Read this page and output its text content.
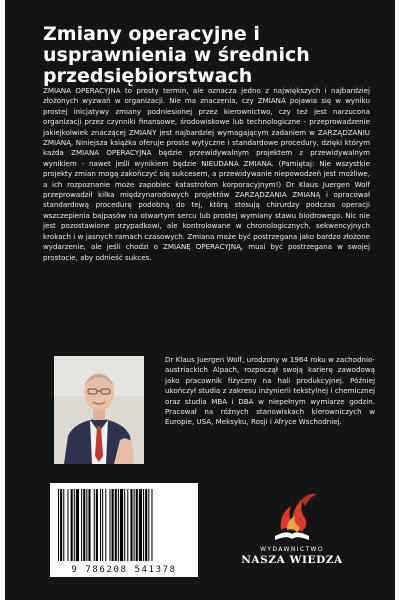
Zmiany operacyjne i
usprawnienia w średnich
przedsiębiorstwach

ZMIANA OPERACYJNA to prosty termin, ale oznacza jedno z największych i najbardziej złożonych wyzwań w organizacji. Nie ma znaczenia, czy ZMIANA pojawia się w wyniku prostej inicjatywy zmiany podniesionej przez kierownictwo, czy też jest narzucona organizacji przez czynniki finansowe, środowiskowe lub technologiczne - przeprowadzenie jakiejkolwiek znaczącej ZMIANY jest najbardziej wymagającym zadaniem w ZARZĄDZANIU ZMIANĄ. Niniejsza książka oferuje proste wytyczne i standardowe procedury, dzięki którym każda ZMIANA OPERACYJNA będzie przewidywalnym projektem z przewidywalnym wynikiem - nawet jeśli wynikiem będzie NIEUDANA ZMIANA. (Pamiętaj: Nie wszystkie projekty zmian mogą zakończyć się sukcesem, a przewidywanie niepowodzeń jest możliwe, a ich rozpoznanie może zapobiec katastrofom korporacyjnym!) Dr Klaus Juergen Wolf przeprowadził kilka międzynarodowych projektów ZARZĄDZANIA ZMIANĄ i opracował standardową procedurę podobną do tej, którą stosują chirurdzy podczas operacji wszczepienia bajpasów na otwartym sercu lub prostej wymiany stawu biodrowego. Nic nie jest pozostawione przypadkowi, ale kontrolowane w chronologicznych, sekwencyjnych krokach i w jasnych ramach czasowych. Zmiana może być postrzegana jako bardzo złożone wydarzenie, ale jeśli chodzi o ZMIANĘ OPERACYJNĄ, musi być postrzegana w swojej prostocie, aby odnieść sukces.

Dr Klaus Juergen Wolf, urodzony w 1964 roku w zachodnio-austriackich Alpach, rozpoczął swoją karierę zawodową jako pracownik fizyczny na hali produkcyjnej. Później ukończył studia z zakresu inżynierii tekstylnej i chemicznej oraz studia MBA i DBA w niepełnym wymiarze godzin. Pracował na różnych stanowiskach kierowniczych w Europie, USA, Meksyku, Rosji i Afryce Wschodniej.
9 786208 541378
WYDAWNICTWO
NASZA WIEDZA
